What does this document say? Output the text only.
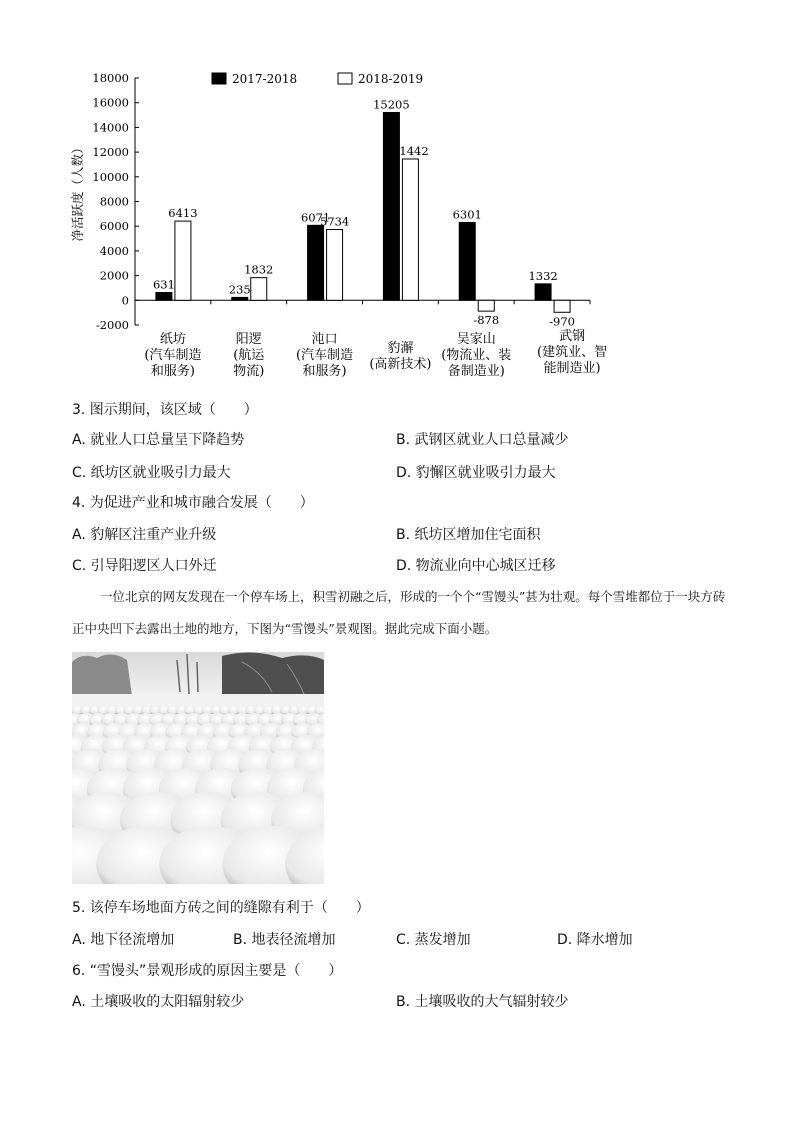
-2000
0
2000
4000
6000
8000
10000
12000
14000
16000
18000
净活跃度（人数）
631
6413
纸坊
(汽车制造
和服务)
235
1832
阳逻
(航运
物流)
6071
5734
沌口
(汽车制造
和服务)
15205
11442
豹澥
(高新技术)
6301
-878
吴家山
(物流业、装
备制造业)
1332
-970
武钢
(建筑业、智
能制造业)
2017-2018	2018-2019
3. 图示期间，该区域（　　）
A. 就业人口总量呈下降趋势	B. 武钢区就业人口总量减少
C. 纸坊区就业吸引力最大	D. 豹懈区就业吸引力最大
4. 为促进产业和城市融合发展（　　）
A. 豹解区注重产业升级	B. 纸坊区增加住宅面积
C. 引导阳逻区人口外迁	D. 物流业向中心城区迁移
一位北京的网友发现在一个停车场上，积雪初融之后，形成的一个个“雪馒头”甚为壮观。每个雪堆都位于一块方砖正中央凹下去露出土地的地方，下图为“雪馒头”景观图。据此完成下面小题。
5. 该停车场地面方砖之间的缝隙有利于（　　）
A. 地下径流增加	B. 地表径流增加	C. 蒸发增加	D. 降水增加
6. “雪馒头”景观形成的原因主要是（　　）
A. 土壤吸收的太阳辐射较少	B. 土壤吸收的大气辐射较少
